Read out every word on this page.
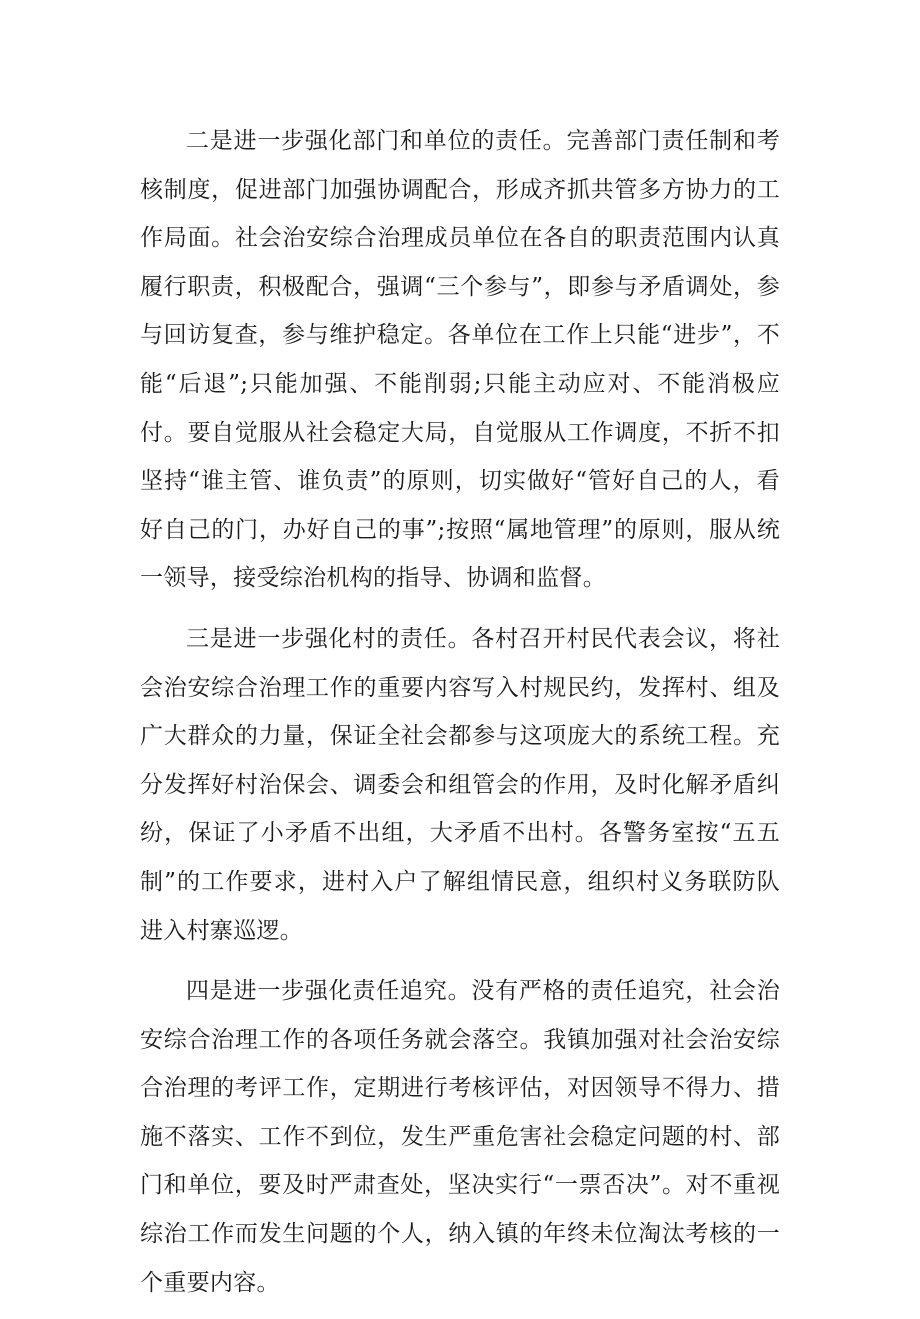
二是进一步强化部门和单位的责任。完善部门责任制和考核制度，促进部门加强协调配合，形成齐抓共管多方协力的工作局面。社会治安综合治理成员单位在各自的职责范围内认真履行职责，积极配合，强调“三个参与”，即参与矛盾调处，参与回访复查，参与维护稳定。各单位在工作上只能“进步”，不能“后退”;只能加强、不能削弱;只能主动应对、不能消极应付。要自觉服从社会稳定大局，自觉服从工作调度，不折不扣坚持“谁主管、谁负责”的原则，切实做好“管好自己的人，看好自己的门，办好自己的事”;按照“属地管理”的原则，服从统一领导，接受综治机构的指导、协调和监督。

三是进一步强化村的责任。各村召开村民代表会议，将社会治安综合治理工作的重要内容写入村规民约，发挥村、组及广大群众的力量，保证全社会都参与这项庞大的系统工程。充分发挥好村治保会、调委会和组管会的作用，及时化解矛盾纠纷，保证了小矛盾不出组，大矛盾不出村。各警务室按“五五制”的工作要求，进村入户了解组情民意，组织村义务联防队进入村寨巡逻。

四是进一步强化责任追究。没有严格的责任追究，社会治安综合治理工作的各项任务就会落空。我镇加强对社会治安综合治理的考评工作，定期进行考核评估，对因领导不得力、措施不落实、工作不到位，发生严重危害社会稳定问题的村、部门和单位，要及时严肃查处，坚决实行“一票否决”。对不重视综治工作而发生问题的个人，纳入镇的年终未位淘汰考核的一个重要内容。
